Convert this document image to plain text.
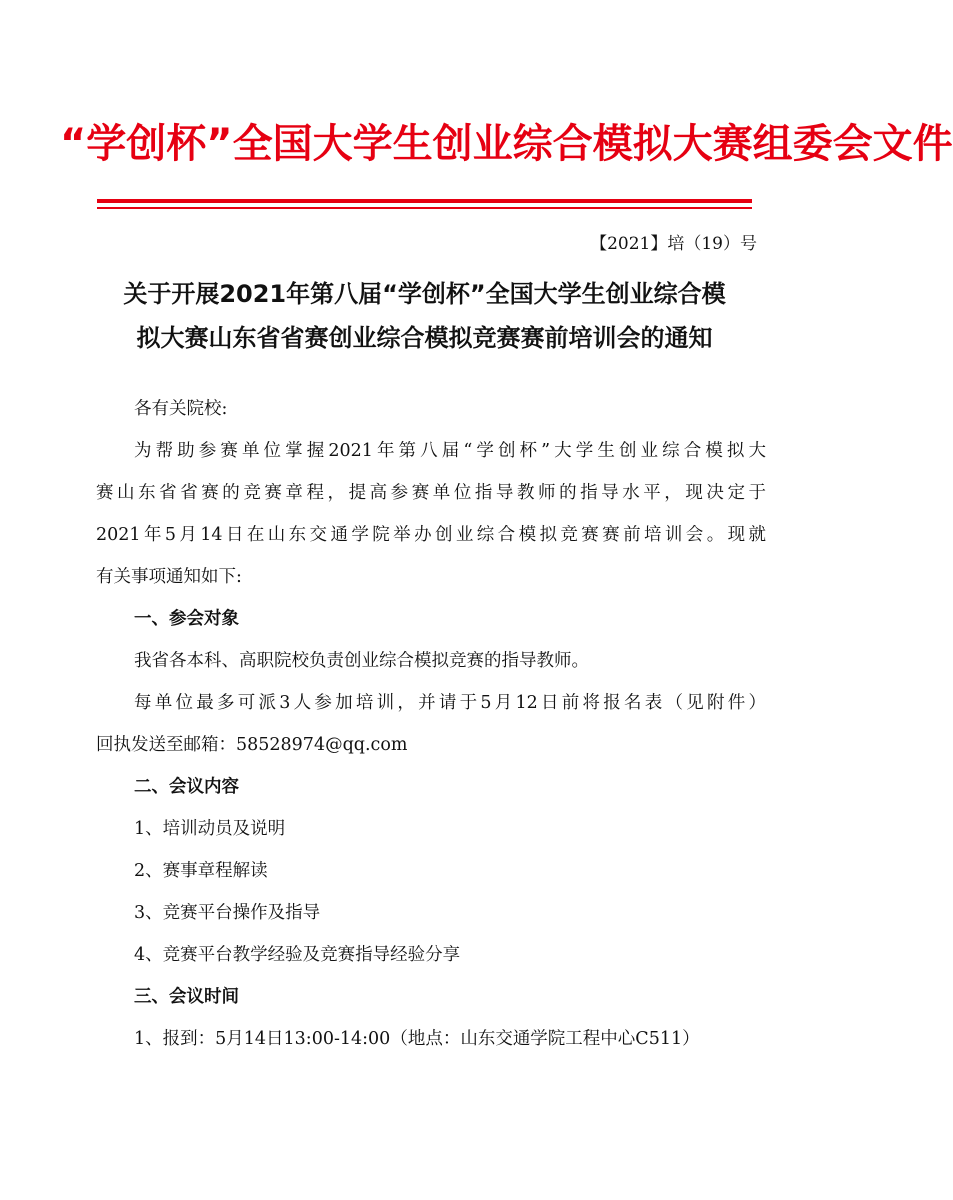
“学创杯”全国大学生创业综合模拟大赛组委会文件
【2021】培（19）号
关于开展2021年第八届“学创杯”全国大学生创业综合模
拟大赛山东省省赛创业综合模拟竞赛赛前培训会的通知
各有关院校:
为帮助参赛单位掌握2021年第八届“学创杯”大学生创业综合模拟大
赛山东省省赛的竞赛章程，提高参赛单位指导教师的指导水平，现决定于
2021年5月14日在山东交通学院举办创业综合模拟竞赛赛前培训会。现就
有关事项通知如下:
一、参会对象
我省各本科、高职院校负责创业综合模拟竞赛的指导教师。
每单位最多可派3人参加培训，并请于5月12日前将报名表（见附件）
回执发送至邮箱：58528974@qq.com
二、会议内容
1、培训动员及说明
2、赛事章程解读
3、竞赛平台操作及指导
4、竞赛平台教学经验及竞赛指导经验分享
三、会议时间
1、报到：5月14日13:00-14:00（地点：山东交通学院工程中心C511）
